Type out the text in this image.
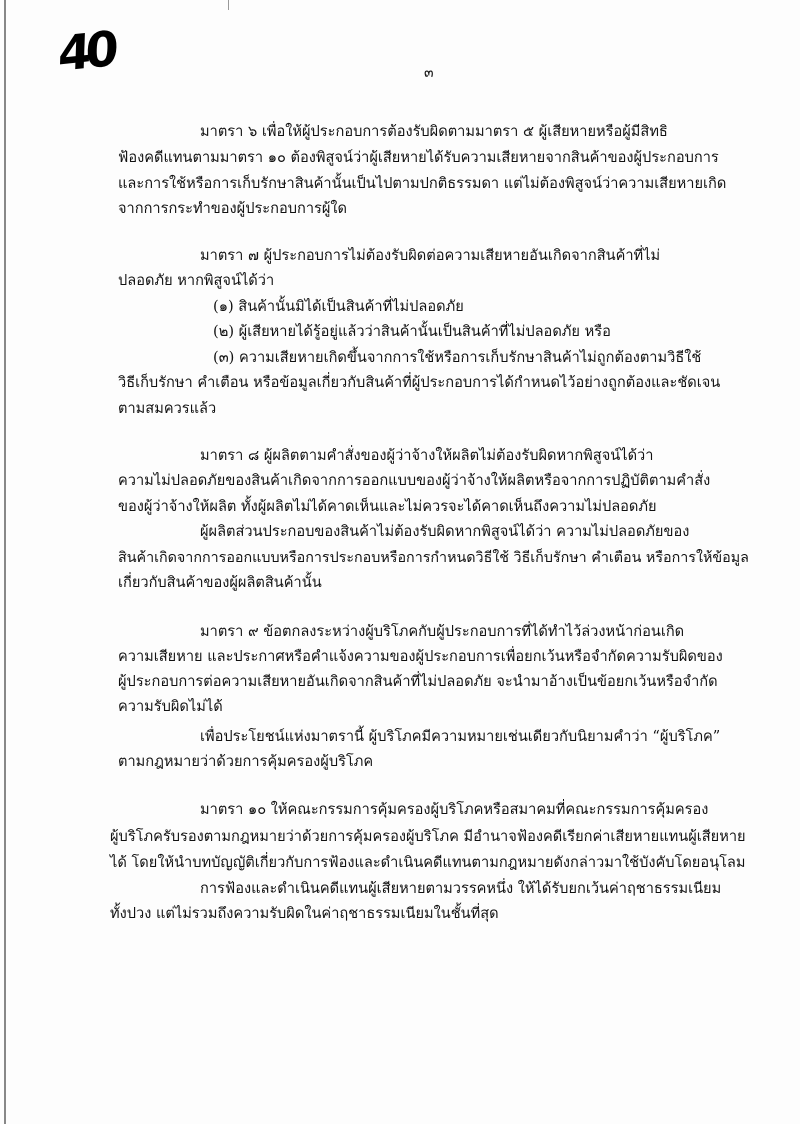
40	๓
มาตรา ๖ เพื่อให้ผู้ประกอบการต้องรับผิดตามมาตรา ๕ ผู้เสียหายหรือผู้มีสิทธิ
ฟ้องคดีแทนตามมาตรา ๑๐ ต้องพิสูจน์ว่าผู้เสียหายได้รับความเสียหายจากสินค้าของผู้ประกอบการ
และการใช้หรือการเก็บรักษาสินค้านั้นเป็นไปตามปกติธรรมดา แต่ไม่ต้องพิสูจน์ว่าความเสียหายเกิด
จากการกระทำของผู้ประกอบการผู้ใด
มาตรา ๗ ผู้ประกอบการไม่ต้องรับผิดต่อความเสียหายอันเกิดจากสินค้าที่ไม่
ปลอดภัย หากพิสูจน์ได้ว่า
(๑) สินค้านั้นมิได้เป็นสินค้าที่ไม่ปลอดภัย
(๒) ผู้เสียหายได้รู้อยู่แล้วว่าสินค้านั้นเป็นสินค้าที่ไม่ปลอดภัย หรือ
(๓) ความเสียหายเกิดขึ้นจากการใช้หรือการเก็บรักษาสินค้าไม่ถูกต้องตามวิธีใช้
วิธีเก็บรักษา คำเตือน หรือข้อมูลเกี่ยวกับสินค้าที่ผู้ประกอบการได้กำหนดไว้อย่างถูกต้องและชัดเจน
ตามสมควรแล้ว
มาตรา ๘ ผู้ผลิตตามคำสั่งของผู้ว่าจ้างให้ผลิตไม่ต้องรับผิดหากพิสูจน์ได้ว่า
ความไม่ปลอดภัยของสินค้าเกิดจากการออกแบบของผู้ว่าจ้างให้ผลิตหรือจากการปฏิบัติตามคำสั่ง
ของผู้ว่าจ้างให้ผลิต ทั้งผู้ผลิตไม่ได้คาดเห็นและไม่ควรจะได้คาดเห็นถึงความไม่ปลอดภัย
ผู้ผลิตส่วนประกอบของสินค้าไม่ต้องรับผิดหากพิสูจน์ได้ว่า ความไม่ปลอดภัยของ
สินค้าเกิดจากการออกแบบหรือการประกอบหรือการกำหนดวิธีใช้ วิธีเก็บรักษา คำเตือน หรือการให้ข้อมูล
เกี่ยวกับสินค้าของผู้ผลิตสินค้านั้น
มาตรา ๙ ข้อตกลงระหว่างผู้บริโภคกับผู้ประกอบการที่ได้ทำไว้ล่วงหน้าก่อนเกิด
ความเสียหาย และประกาศหรือคำแจ้งความของผู้ประกอบการเพื่อยกเว้นหรือจำกัดความรับผิดของ
ผู้ประกอบการต่อความเสียหายอันเกิดจากสินค้าที่ไม่ปลอดภัย จะนำมาอ้างเป็นข้อยกเว้นหรือจำกัด
ความรับผิดไม่ได้
เพื่อประโยชน์แห่งมาตรานี้ ผู้บริโภคมีความหมายเช่นเดียวกับนิยามคำว่า “ผู้บริโภค”
ตามกฎหมายว่าด้วยการคุ้มครองผู้บริโภค
มาตรา ๑๐ ให้คณะกรรมการคุ้มครองผู้บริโภคหรือสมาคมที่คณะกรรมการคุ้มครอง
ผู้บริโภครับรองตามกฎหมายว่าด้วยการคุ้มครองผู้บริโภค มีอำนาจฟ้องคดีเรียกค่าเสียหายแทนผู้เสียหาย
ได้ โดยให้นำบทบัญญัติเกี่ยวกับการฟ้องและดำเนินคดีแทนตามกฎหมายดังกล่าวมาใช้บังคับโดยอนุโลม
การฟ้องและดำเนินคดีแทนผู้เสียหายตามวรรคหนึ่ง ให้ได้รับยกเว้นค่าฤชาธรรมเนียม
ทั้งปวง แต่ไม่รวมถึงความรับผิดในค่าฤชาธรรมเนียมในชั้นที่สุด
